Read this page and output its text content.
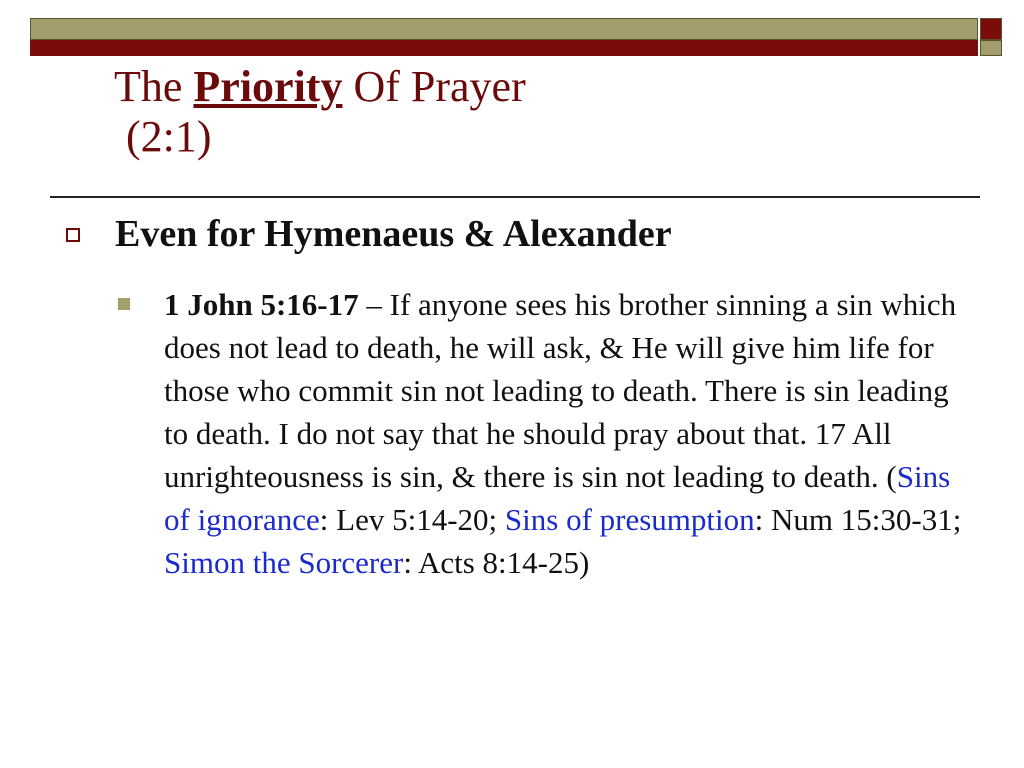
The Priority Of Prayer
(2:1)
Even for Hymenaeus & Alexander
1 John 5:16-17 – If anyone sees his brother sinning a sin which does not lead to death, he will ask, & He will give him life for those who commit sin not leading to death. There is sin leading to death. I do not say that he should pray about that. 17 All unrighteousness is sin, & there is sin not leading to death. (Sins of ignorance: Lev 5:14-20; Sins of presumption: Num 15:30-31; Simon the Sorcerer: Acts 8:14-25)
